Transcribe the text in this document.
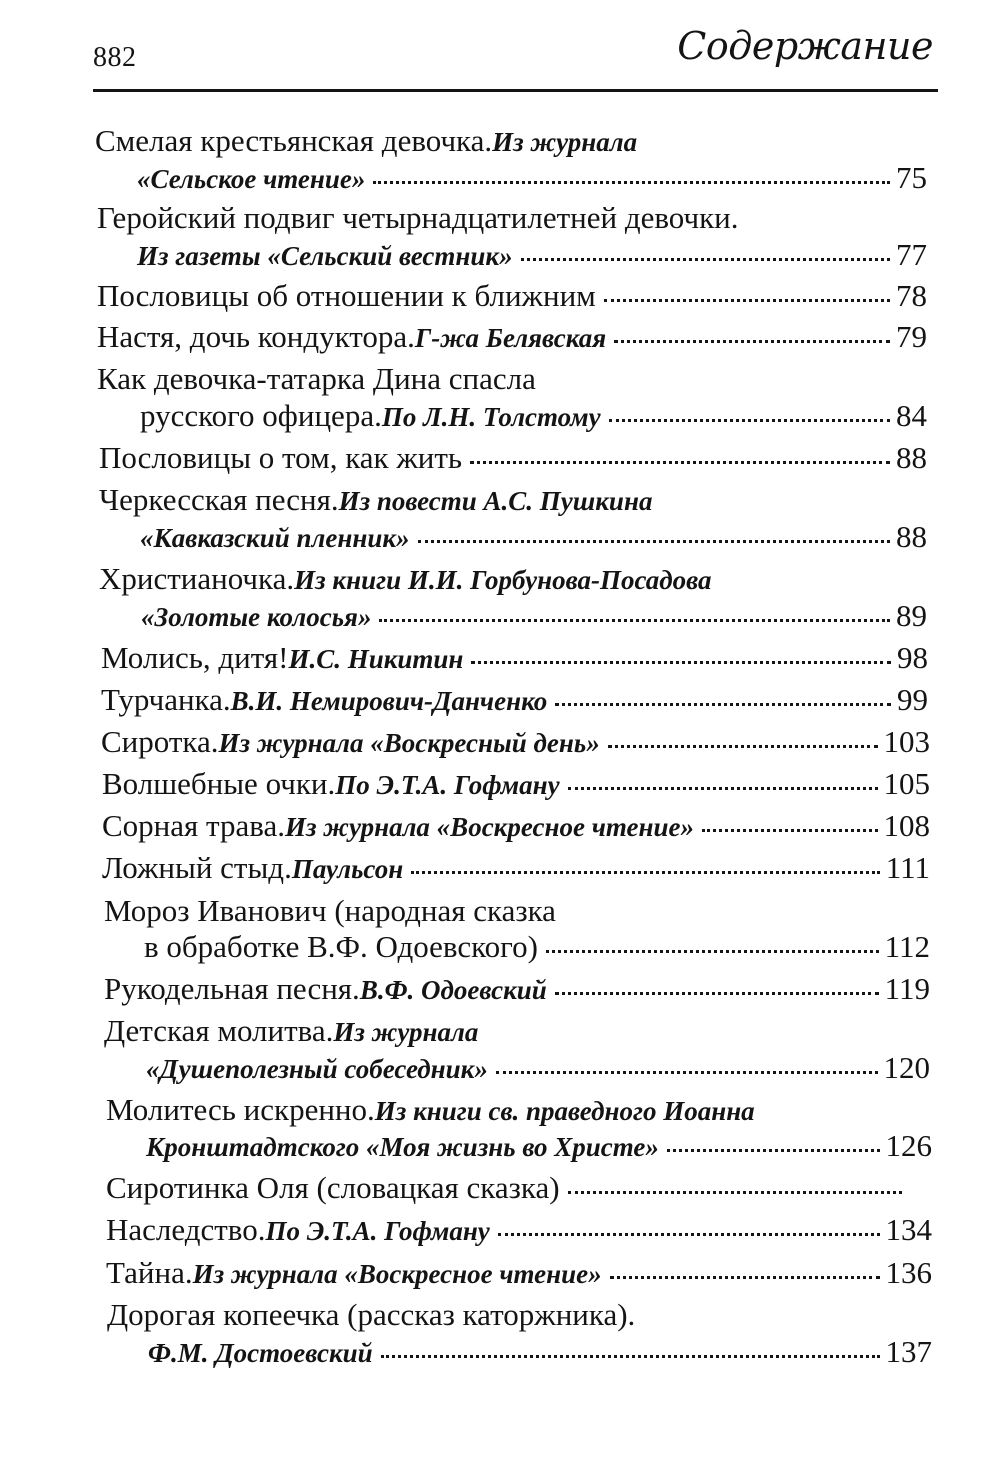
882	Содержание
Смелая крестьянская девочка. Из журнала
«Сельское чтение»	75
Геройский подвиг четырнадцатилетней девочки.
Из газеты «Сельский вестник»	77
Пословицы об отношении к ближним	78
Настя, дочь кондуктора. Г-жа Белявская	79
Как девочка-татарка Дина спасла
русского офицера. По Л.Н. Толстому	84
Пословицы о том, как жить	88
Черкесская песня. Из повести А.С. Пушкина
«Кавказский пленник»	88
Христианочка. Из книги И.И. Горбунова-Посадова
«Золотые колосья»	89
Молись, дитя! И.С. Никитин	98
Турчанка. В.И. Немирович-Данченко	99
Сиротка. Из журнала «Воскресный день»	103
Волшебные очки. По Э.Т.А. Гофману	105
Сорная трава. Из журнала «Воскресное чтение»	108
Ложный стыд. Паульсон	111
Мороз Иванович (народная сказка
в обработке В.Ф. Одоевского)	112
Рукодельная песня. В.Ф. Одоевский	119
Детская молитва. Из журнала
«Душеполезный собеседник»	120
Молитесь искренно. Из книги св. праведного Иоанна
Кронштадтского «Моя жизнь во Христе»	126
Сиротинка Оля (словацкая сказка)
Наследство. По Э.Т.А. Гофману	134
Тайна. Из журнала «Воскресное чтение»	136
Дорогая копеечка (рассказ каторжника).
Ф.М. Достоевский	137
